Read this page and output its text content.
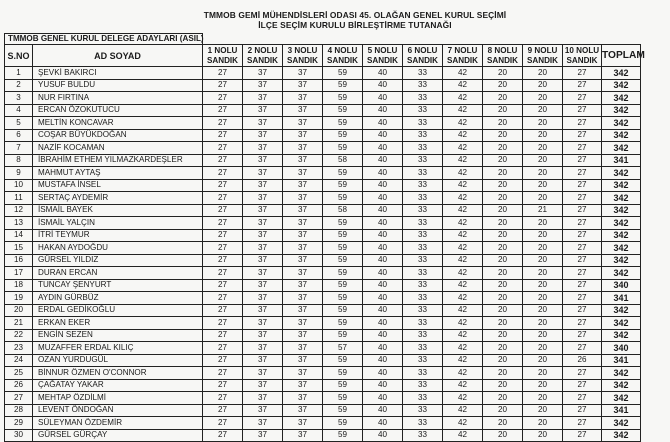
TMMOB GEMİ MÜHENDİSLERİ ODASI 45. OLAĞAN GENEL KURUL SEÇİMİ
İLÇE SEÇİM KURULU BİRLEŞTİRME TUTANAĞI
TMMOB GENEL KURUL DELEGE ADAYLARI (ASIL)												
S.NO	AD SOYAD	1 NOLU SANDIK	2 NOLU SANDIK	3 NOLU SANDIK	4 NOLU SANDIK	5 NOLU SANDIK	6 NOLU SANDIK	7 NOLU SANDIK	8 NOLU SANDIK	9 NOLU SANDIK	10 NOLU SANDIK	TOPLAM
1	ŞEVKİ BAKIRCI	27	37	37	59	40	33	42	20	20	27	342
2	YUSUF BULDU	27	37	37	59	40	33	42	20	20	27	342
3	NUR FIRTINA	27	37	37	59	40	33	42	20	20	27	342
4	ERCAN ÖZOKUTUCU	27	37	37	59	40	33	42	20	20	27	342
5	MELTİN KONCAVAR	27	37	37	59	40	33	42	20	20	27	342
6	COŞAR BÜYÜKDOĞAN	27	37	37	59	40	33	42	20	20	27	342
7	NAZİF KOCAMAN	27	37	37	59	40	33	42	20	20	27	342
8	İBRAHİM ETHEM YILMAZKARDEŞLER	27	37	37	58	40	33	42	20	20	27	341
9	MAHMUT AYTAŞ	27	37	37	59	40	33	42	20	20	27	342
10	MUSTAFA İNSEL	27	37	37	59	40	33	42	20	20	27	342
11	SERTAÇ AYDEMİR	27	37	37	59	40	33	42	20	20	27	342
12	İSMAİL BAYEK	27	37	37	58	40	33	42	20	21	27	342
13	İSMAİL YALÇIN	27	37	37	59	40	33	42	20	20	27	342
14	İTRİ TEYMUR	27	37	37	59	40	33	42	20	20	27	342
15	HAKAN AYDOĞDU	27	37	37	59	40	33	42	20	20	27	342
16	GÜRSEL YILDIZ	27	37	37	59	40	33	42	20	20	27	342
17	DURAN ERCAN	27	37	37	59	40	33	42	20	20	27	342
18	TUNCAY ŞENYURT	27	37	37	59	40	33	42	20	20	27	340
19	AYDIN GÜRBÜZ	27	37	37	59	40	33	42	20	20	27	341
20	ERDAL GEDİKOĞLU	27	37	37	59	40	33	42	20	20	27	342
21	ERKAN EKER	27	37	37	59	40	33	42	20	20	27	342
22	ENGİN SEZEN	27	37	37	59	40	33	42	20	20	27	342
23	MUZAFFER ERDAL KILIÇ	27	37	37	57	40	33	42	20	20	27	340
24	OZAN YURDUGÜL	27	37	37	59	40	33	42	20	20	26	341
25	BİNNUR ÖZMEN O'CONNOR	27	37	37	59	40	33	42	20	20	27	342
26	ÇAĞATAY YAKAR	27	37	37	59	40	33	42	20	20	27	342
27	MEHTAP ÖZDİLMİ	27	37	37	59	40	33	42	20	20	27	342
28	LEVENT ÖNDOĞAN	27	37	37	59	40	33	42	20	20	27	341
29	SÜLEYMAN ÖZDEMİR	27	37	37	59	40	33	42	20	20	27	342
30	GÜRSEL GÜRÇAY	27	37	37	59	40	33	42	20	20	27	342
